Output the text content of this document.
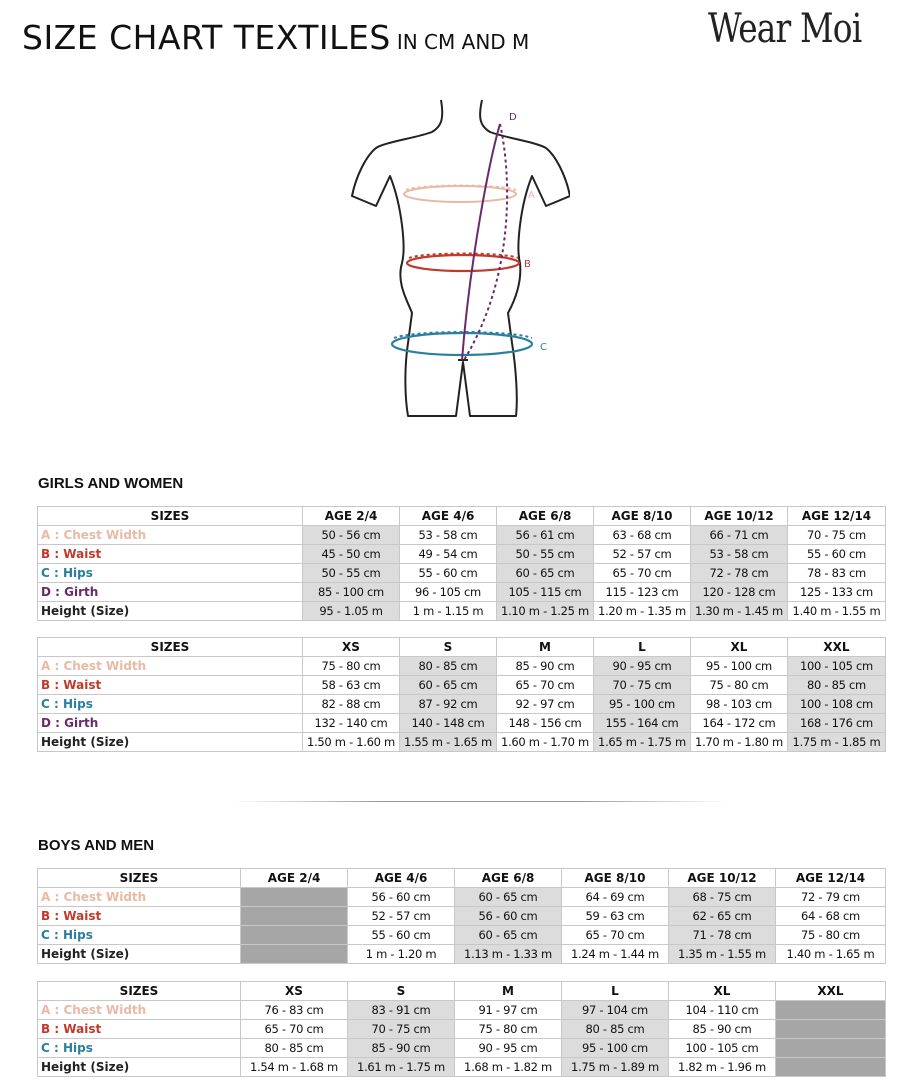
SIZE CHART TEXTILES IN CM AND M	Wear Moi
D
A
B
C
GIRLS AND WOMEN
SIZES	AGE 2/4	AGE 4/6	AGE 6/8	AGE 8/10	AGE 10/12	AGE 12/14
A : Chest Width	50 - 56 cm	53 - 58 cm	56 - 61 cm	63 - 68 cm	66 - 71 cm	70 - 75 cm
B : Waist	45 - 50 cm	49 - 54 cm	50 - 55 cm	52 - 57 cm	53 - 58 cm	55 - 60 cm
C : Hips	50 - 55 cm	55 - 60 cm	60 - 65 cm	65 - 70 cm	72 - 78 cm	78 - 83 cm
D : Girth	85 - 100 cm	96 - 105 cm	105 - 115 cm	115 - 123 cm	120 - 128 cm	125 - 133 cm
Height (Size)	95 - 1.05 m	1 m - 1.15 m	1.10 m - 1.25 m	1.20 m - 1.35 m	1.30 m - 1.45 m	1.40 m - 1.55 m
SIZES	XS	S	M	L	XL	XXL
A : Chest Width	75 - 80 cm	80 - 85 cm	85 - 90 cm	90 - 95 cm	95 - 100 cm	100 - 105 cm
B : Waist	58 - 63 cm	60 - 65 cm	65 - 70 cm	70 - 75 cm	75 - 80 cm	80 - 85 cm
C : Hips	82 - 88 cm	87 - 92 cm	92 - 97 cm	95 - 100 cm	98 - 103 cm	100 - 108 cm
D : Girth	132 - 140 cm	140 - 148 cm	148 - 156 cm	155 - 164 cm	164 - 172 cm	168 - 176 cm
Height (Size)	1.50 m - 1.60 m	1.55 m - 1.65 m	1.60 m - 1.70 m	1.65 m - 1.75 m	1.70 m - 1.80 m	1.75 m - 1.85 m
BOYS AND MEN
SIZES	AGE 2/4	AGE 4/6	AGE 6/8	AGE 8/10	AGE 10/12	AGE 12/14
A : Chest Width		56 - 60 cm	60 - 65 cm	64 - 69 cm	68 - 75 cm	72 - 79 cm
B : Waist		52 - 57 cm	56 - 60 cm	59 - 63 cm	62 - 65 cm	64 - 68 cm
C : Hips		55 - 60 cm	60 - 65 cm	65 - 70 cm	71 - 78 cm	75 - 80 cm
Height (Size)		1 m - 1.20 m	1.13 m - 1.33 m	1.24 m - 1.44 m	1.35 m - 1.55 m	1.40 m - 1.65 m
SIZES	XS	S	M	L	XL	XXL
A : Chest Width	76 - 83 cm	83 - 91 cm	91 - 97 cm	97 - 104 cm	104 - 110 cm	
B : Waist	65 - 70 cm	70 - 75 cm	75 - 80 cm	80 - 85 cm	85 - 90 cm	
C : Hips	80 - 85 cm	85 - 90 cm	90 - 95 cm	95 - 100 cm	100 - 105 cm	
Height (Size)	1.54 m - 1.68 m	1.61 m - 1.75 m	1.68 m - 1.82 m	1.75 m - 1.89 m	1.82 m - 1.96 m	
